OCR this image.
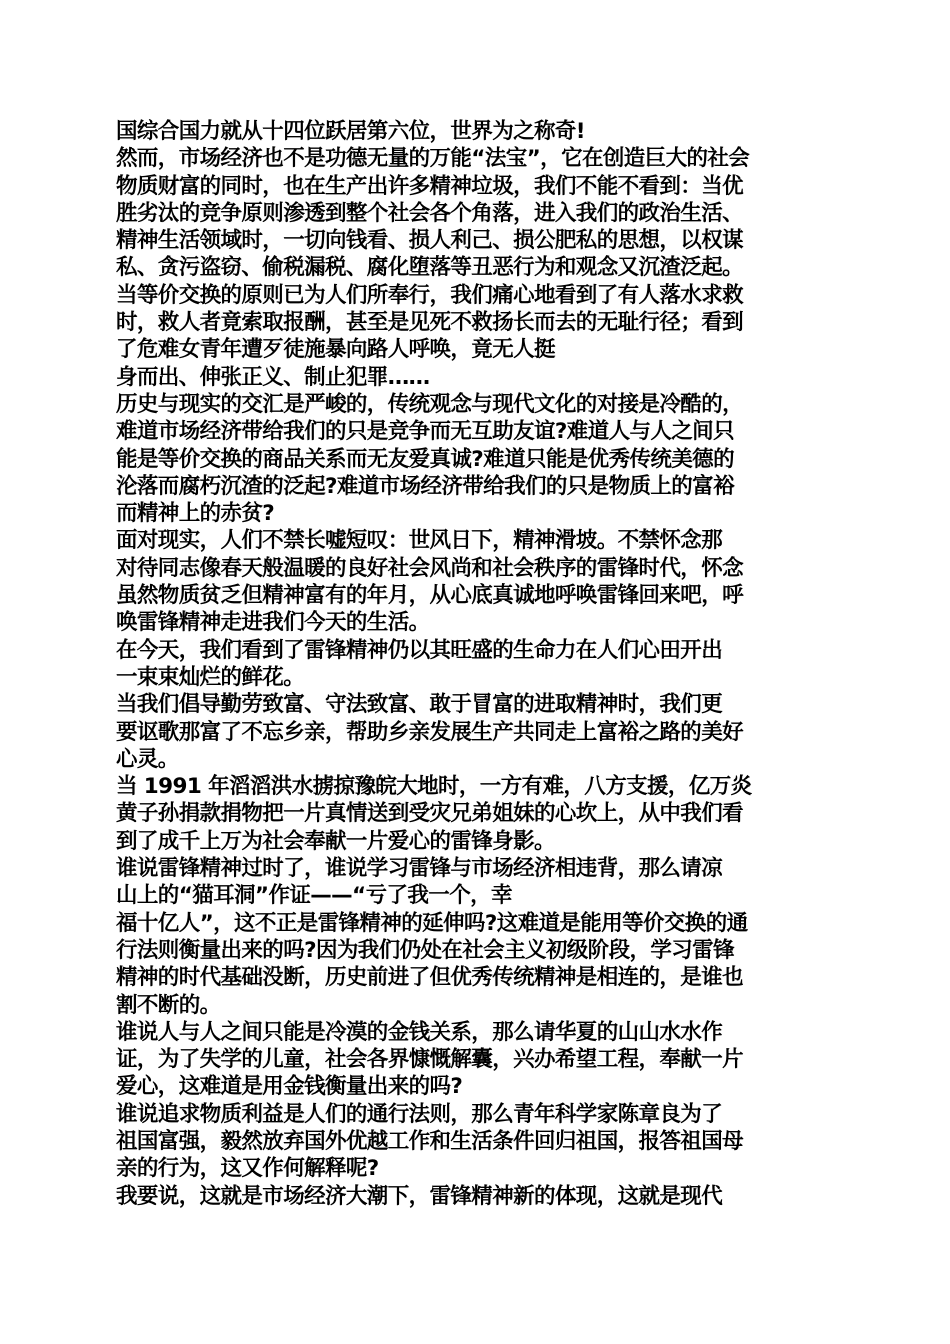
国综合国力就从十四位跃居第六位，世界为之称奇!
然而，市场经济也不是功德无量的万能“法宝”，它在创造巨大的社会
物质财富的同时，也在生产出许多精神垃圾，我们不能不看到：当优
胜劣汰的竞争原则渗透到整个社会各个角落，进入我们的政治生活、
精神生活领域时，一切向钱看、损人利己、损公肥私的思想，以权谋
私、贪污盗窃、偷税漏税、腐化堕落等丑恶行为和观念又沉渣泛起。
当等价交换的原则已为人们所奉行，我们痛心地看到了有人落水求救
时，救人者竟索取报酬，甚至是见死不救扬长而去的无耻行径；看到
了危难女青年遭歹徒施暴向路人呼唤，竟无人挺
身而出、伸张正义、制止犯罪……
历史与现实的交汇是严峻的，传统观念与现代文化的对接是冷酷的，
难道市场经济带给我们的只是竞争而无互助友谊?难道人与人之间只
能是等价交换的商品关系而无友爱真诚?难道只能是优秀传统美德的
沦落而腐朽沉渣的泛起?难道市场经济带给我们的只是物质上的富裕
而精神上的赤贫?
面对现实，人们不禁长嘘短叹：世风日下，精神滑坡。不禁怀念那
对待同志像春天般温暖的良好社会风尚和社会秩序的雷锋时代，怀念
虽然物质贫乏但精神富有的年月，从心底真诚地呼唤雷锋回来吧，呼
唤雷锋精神走进我们今天的生活。
在今天，我们看到了雷锋精神仍以其旺盛的生命力在人们心田开出
一束束灿烂的鲜花。
当我们倡导勤劳致富、守法致富、敢于冒富的进取精神时，我们更
要讴歌那富了不忘乡亲，帮助乡亲发展生产共同走上富裕之路的美好
心灵。
当 1991 年滔滔洪水掳掠豫皖大地时，一方有难，八方支援，亿万炎
黄子孙捐款捐物把一片真情送到受灾兄弟姐妹的心坎上，从中我们看
到了成千上万为社会奉献一片爱心的雷锋身影。
谁说雷锋精神过时了，谁说学习雷锋与市场经济相违背，那么请凉
山上的“猫耳洞”作证——“亏了我一个，幸
福十亿人”，这不正是雷锋精神的延伸吗?这难道是能用等价交换的通
行法则衡量出来的吗?因为我们仍处在社会主义初级阶段，学习雷锋
精神的时代基础没断，历史前进了但优秀传统精神是相连的，是谁也
割不断的。
谁说人与人之间只能是冷漠的金钱关系，那么请华夏的山山水水作
证，为了失学的儿童，社会各界慷慨解囊，兴办希望工程，奉献一片
爱心，这难道是用金钱衡量出来的吗?
谁说追求物质利益是人们的通行法则，那么青年科学家陈章良为了
祖国富强，毅然放弃国外优越工作和生活条件回归祖国，报答祖国母
亲的行为，这又作何解释呢?
我要说，这就是市场经济大潮下，雷锋精神新的体现，这就是现代
